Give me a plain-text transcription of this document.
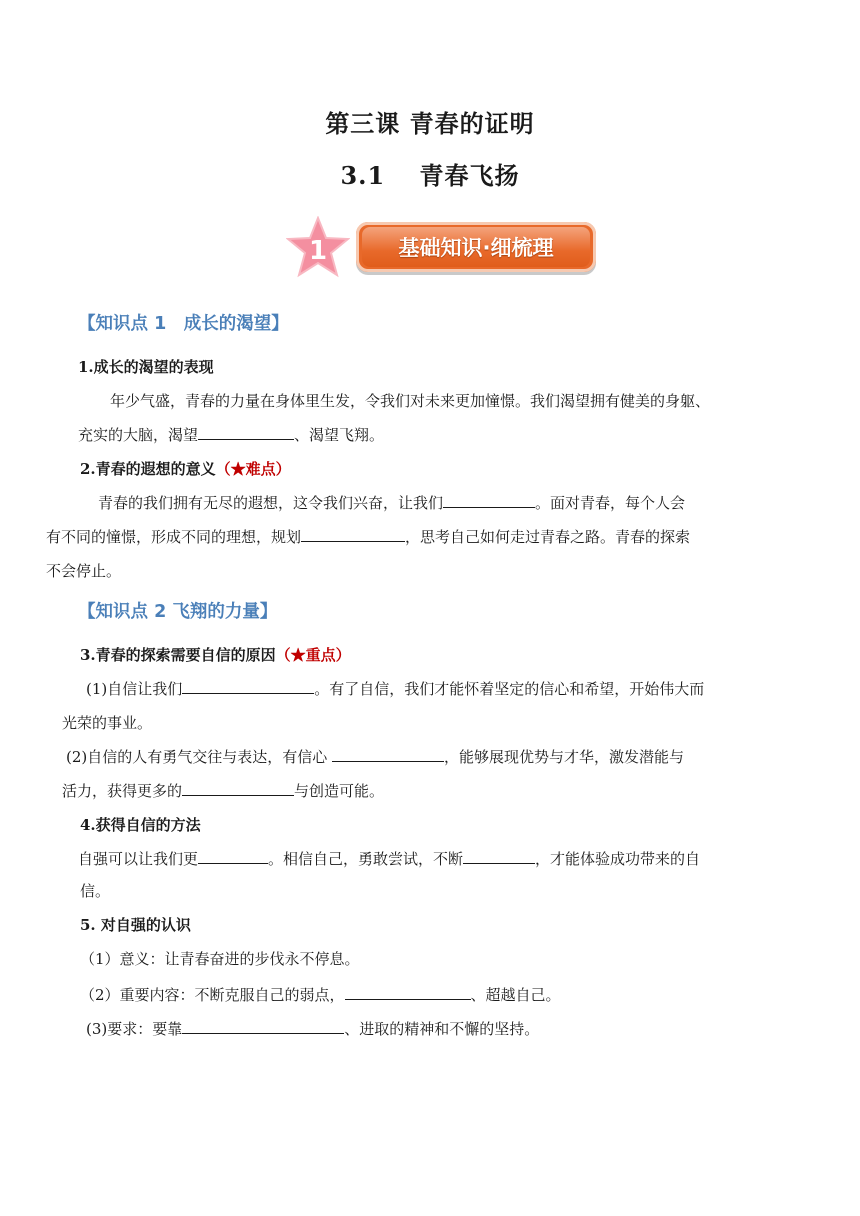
第三课 青春的证明
3.1　 青春飞扬
1	基础知识·细梳理
【知识点 1　成长的渴望】
1.成长的渴望的表现
年少气盛，青春的力量在身体里生发，令我们对未来更加憧憬。我们渴望拥有健美的身躯、
充实的大脑，渴望	、渴望飞翔。
2.青春的遐想的意义（★难点）
青春的我们拥有无尽的遐想，这令我们兴奋，让我们	。面对青春，每个人会
有不同的憧憬，形成不同的理想，规划	，思考自己如何走过青春之路。青春的探索
不会停止。
【知识点 2 飞翔的力量】
3.青春的探索需要自信的原因（★重点）
(1)自信让我们	。有了自信，我们才能怀着坚定的信心和希望，开始伟大而
光荣的事业。
(2)自信的人有勇气交往与表达，有信心	，能够展现优势与才华，激发潜能与
活力，获得更多的	与创造可能。
4.获得自信的方法
自强可以让我们更	。相信自己，勇敢尝试，不断	，才能体验成功带来的自
信。
5. 对自强的认识
（1）意义：让青春奋进的步伐永不停息。
（2）重要内容：不断克服自己的弱点，	、超越自己。
(3)要求：要靠	、进取的精神和不懈的坚持。
